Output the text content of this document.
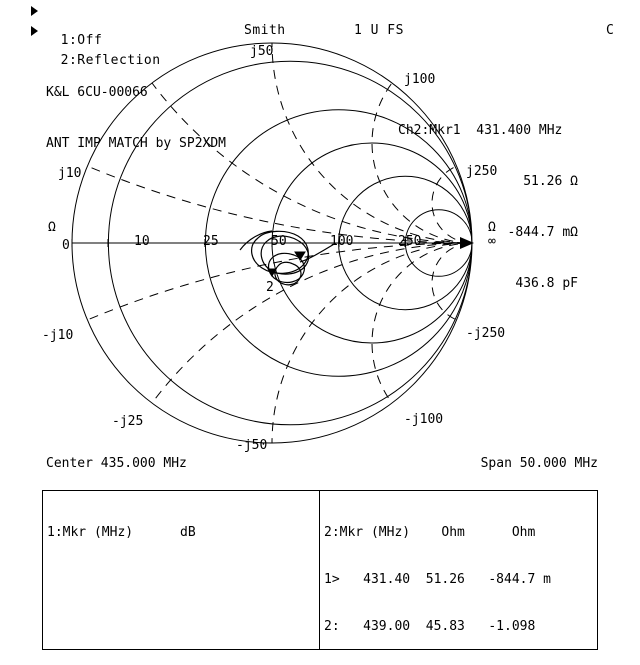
1:Off

2:Reflection

Smith

	1 U FS

	C

K&L 6CU-00066

ANT IMP MATCH by SP2XDM

Ch2:Mkr1  431.400 MHz

51.26 Ω

-844.7 mΩ

436.8 pF

j50
j100
j250
j10
-j10	-j250
-j100
-j25
-j50
Ω
0	10	25	50	100	250	∞
Ω
2
Center 435.000 MHz	Span 50.000 MHz

1:Mkr (MHz)      dB

	2:Mkr (MHz)    Ohm      Ohm

1>   431.40  51.26   -844.7 m

2:   439.00  45.83   -1.098
